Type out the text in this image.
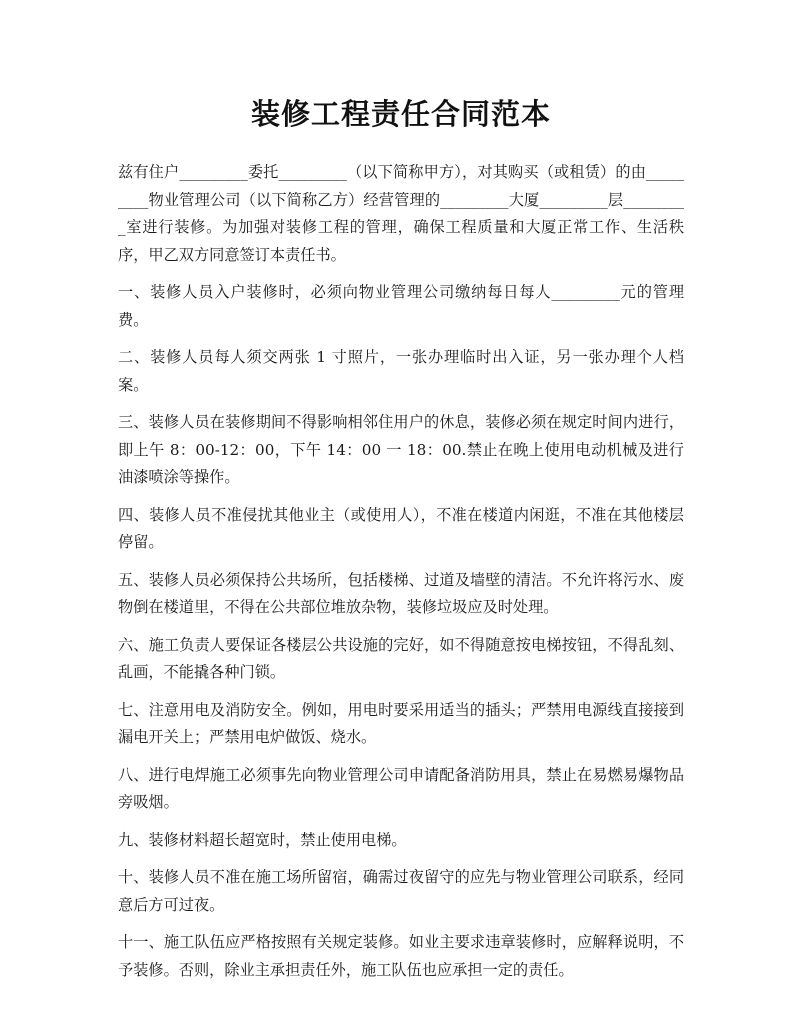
装修工程责任合同范本

兹有住户_________委托_________（以下简称甲方），对其购买（或租赁）的由_________物业管理公司（以下简称乙方）经营管理的_________大厦_________层_________室进行装修。为加强对装修工程的管理，确保工程质量和大厦正常工作、生活秩序，甲乙双方同意签订本责任书。

一、装修人员入户装修时，必须向物业管理公司缴纳每日每人_________元的管理费。

二、装修人员每人须交两张 1 寸照片，一张办理临时出入证，另一张办理个人档案。

三、装修人员在装修期间不得影响相邻住用户的休息，装修必须在规定时间内进行，即上午 8：00-12：00，下午 14：00 一 18：00.禁止在晚上使用电动机械及进行油漆喷涂等操作。

四、装修人员不准侵扰其他业主（或使用人），不准在楼道内闲逛，不准在其他楼层停留。

五、装修人员必须保持公共场所，包括楼梯、过道及墙壁的清洁。不允许将污水、废物倒在楼道里，不得在公共部位堆放杂物，装修垃圾应及时处理。

六、施工负责人要保证各楼层公共设施的完好，如不得随意按电梯按钮，不得乱刻、乱画，不能撬各种门锁。

七、注意用电及消防安全。例如，用电时要采用适当的插头；严禁用电源线直接接到漏电开关上；严禁用电炉做饭、烧水。

八、进行电焊施工必须事先向物业管理公司申请配备消防用具，禁止在易燃易爆物品旁吸烟。

九、装修材料超长超宽时，禁止使用电梯。

十、装修人员不准在施工场所留宿，确需过夜留守的应先与物业管理公司联系，经同意后方可过夜。

十一、施工队伍应严格按照有关规定装修。如业主要求违章装修时，应解释说明，不予装修。否则，除业主承担责任外，施工队伍也应承担一定的责任。
